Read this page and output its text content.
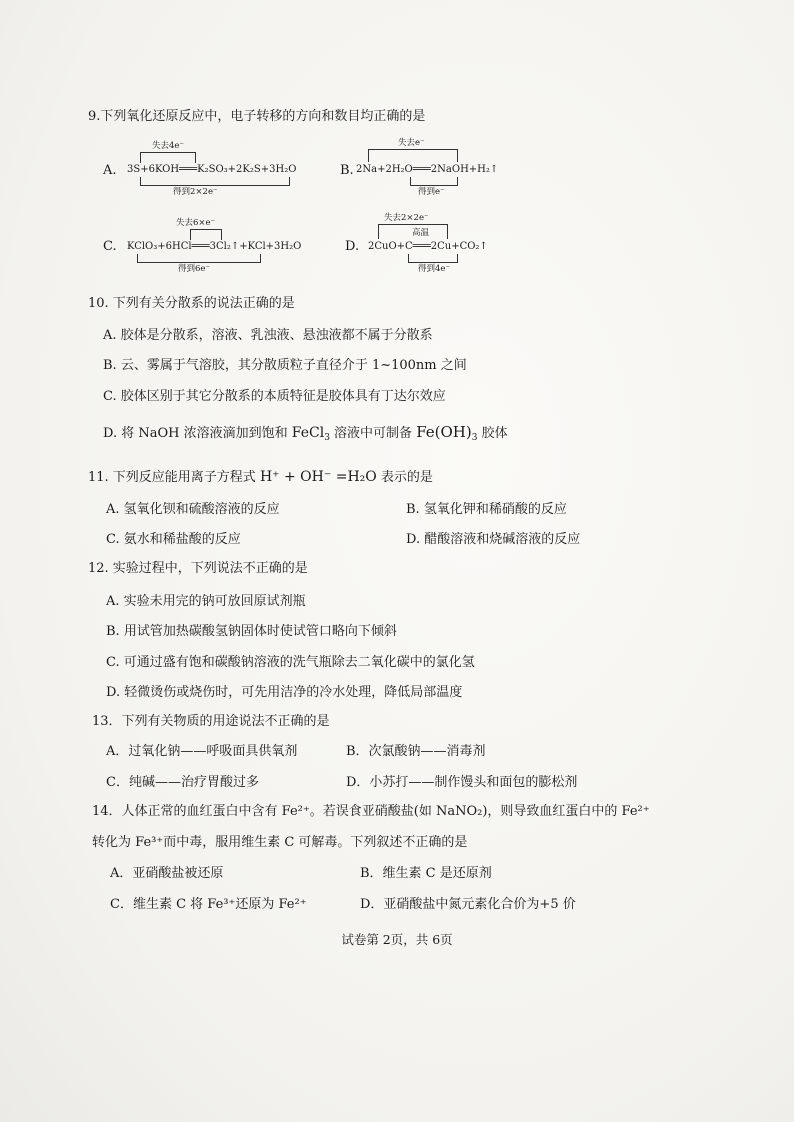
9.下列氧化还原反应中，电子转移的方向和数目均正确的是
A.
失去4e⁻
3S+6KOH═══K₂SO₃+2K₂S+3H₂O
得到2×2e⁻
B.
失去e⁻
2Na+2H₂O═══2NaOH+H₂↑
得到e⁻
C.
失去6×e⁻
KClO₃+6HCl═══3Cl₂↑+KCl+3H₂O
得到6e⁻
D.
失去2×2e⁻
高温
2CuO+C═══2Cu+CO₂↑
得到4e⁻
10. 下列有关分散系的说法正确的是
A. 胶体是分散系，溶液、乳浊液、悬浊液都不属于分散系
B. 云、雾属于气溶胶，其分散质粒子直径介于 1~100nm 之间
C. 胶体区别于其它分散系的本质特征是胶体具有丁达尔效应
D. 将 NaOH 浓溶液滴加到饱和 FeCl$_3$ 溶液中可制备 $Fe(OH)_3$ 胶体
11. 下列反应能用离子方程式 H⁺ + OH⁻ =H₂O 表示的是
A. 氢氧化钡和硫酸溶液的反应	B. 氢氧化钾和稀硝酸的反应
C. 氨水和稀盐酸的反应	D. 醋酸溶液和烧碱溶液的反应
12. 实验过程中，下列说法不正确的是
A. 实验未用完的钠可放回原试剂瓶
B. 用试管加热碳酸氢钠固体时使试管口略向下倾斜
C. 可通过盛有饱和碳酸钠溶液的洗气瓶除去二氧化碳中的氯化氢
D. 轻微烫伤或烧伤时，可先用洁净的冷水处理，降低局部温度
13．下列有关物质的用途说法不正确的是
A．过氧化钠——呼吸面具供氧剂	B．次氯酸钠——消毒剂
C．纯碱——治疗胃酸过多	D．小苏打——制作馒头和面包的膨松剂
14．人体正常的血红蛋白中含有 Fe²⁺。若误食亚硝酸盐(如 NaNO₂)，则导致血红蛋白中的 Fe²⁺
转化为 Fe³⁺而中毒，服用维生素 C 可解毒。下列叙述不正确的是
A．亚硝酸盐被还原	B．维生素 C 是还原剂
C．维生素 C 将 Fe³⁺还原为 Fe²⁺	D．亚硝酸盐中氮元素化合价为+5 价
试卷第 2页，共 6页
